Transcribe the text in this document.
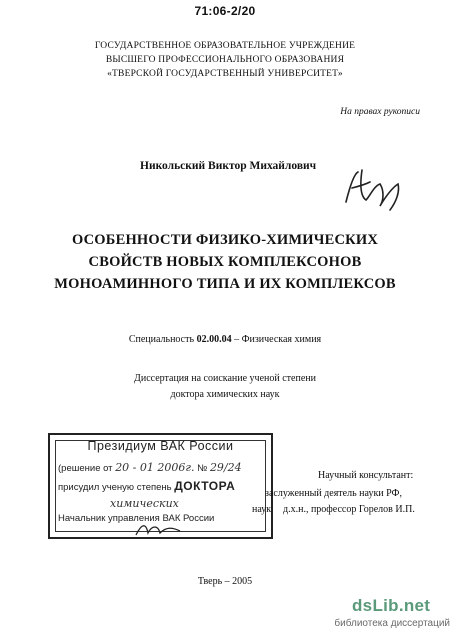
71:06-2/20
ГОСУДАРСТВЕННОЕ ОБРАЗОВАТЕЛЬНОЕ УЧРЕЖДЕНИЕ
ВЫСШЕГО ПРОФЕССИОНАЛЬНОГО ОБРАЗОВАНИЯ
«ТВЕРСКОЙ ГОСУДАРСТВЕННЫЙ УНИВЕРСИТЕТ»
На правах рукописи
Никольский Виктор Михайлович
ОСОБЕННОСТИ ФИЗИКО-ХИМИЧЕСКИХ
СВОЙСТВ НОВЫХ КОМПЛЕКСОНОВ
МОНОАМИННОГО ТИПА И ИХ КОМПЛЕКСОВ
Специальность 02.00.04 – Физическая химия
Диссертация на соискание ученой степени
доктора химических наук
Президиум ВАК России
(решение от 20 - 01 2006г. № 29/24
присудил ученую степень ДОКТОРА
химических
Начальник управления ВАК России
наук
Научный консультант:
заслуженный деятель науки РФ,
д.х.н., профессор Горелов И.П.
Тверь – 2005
dsLib.net
библиотека диссертаций
